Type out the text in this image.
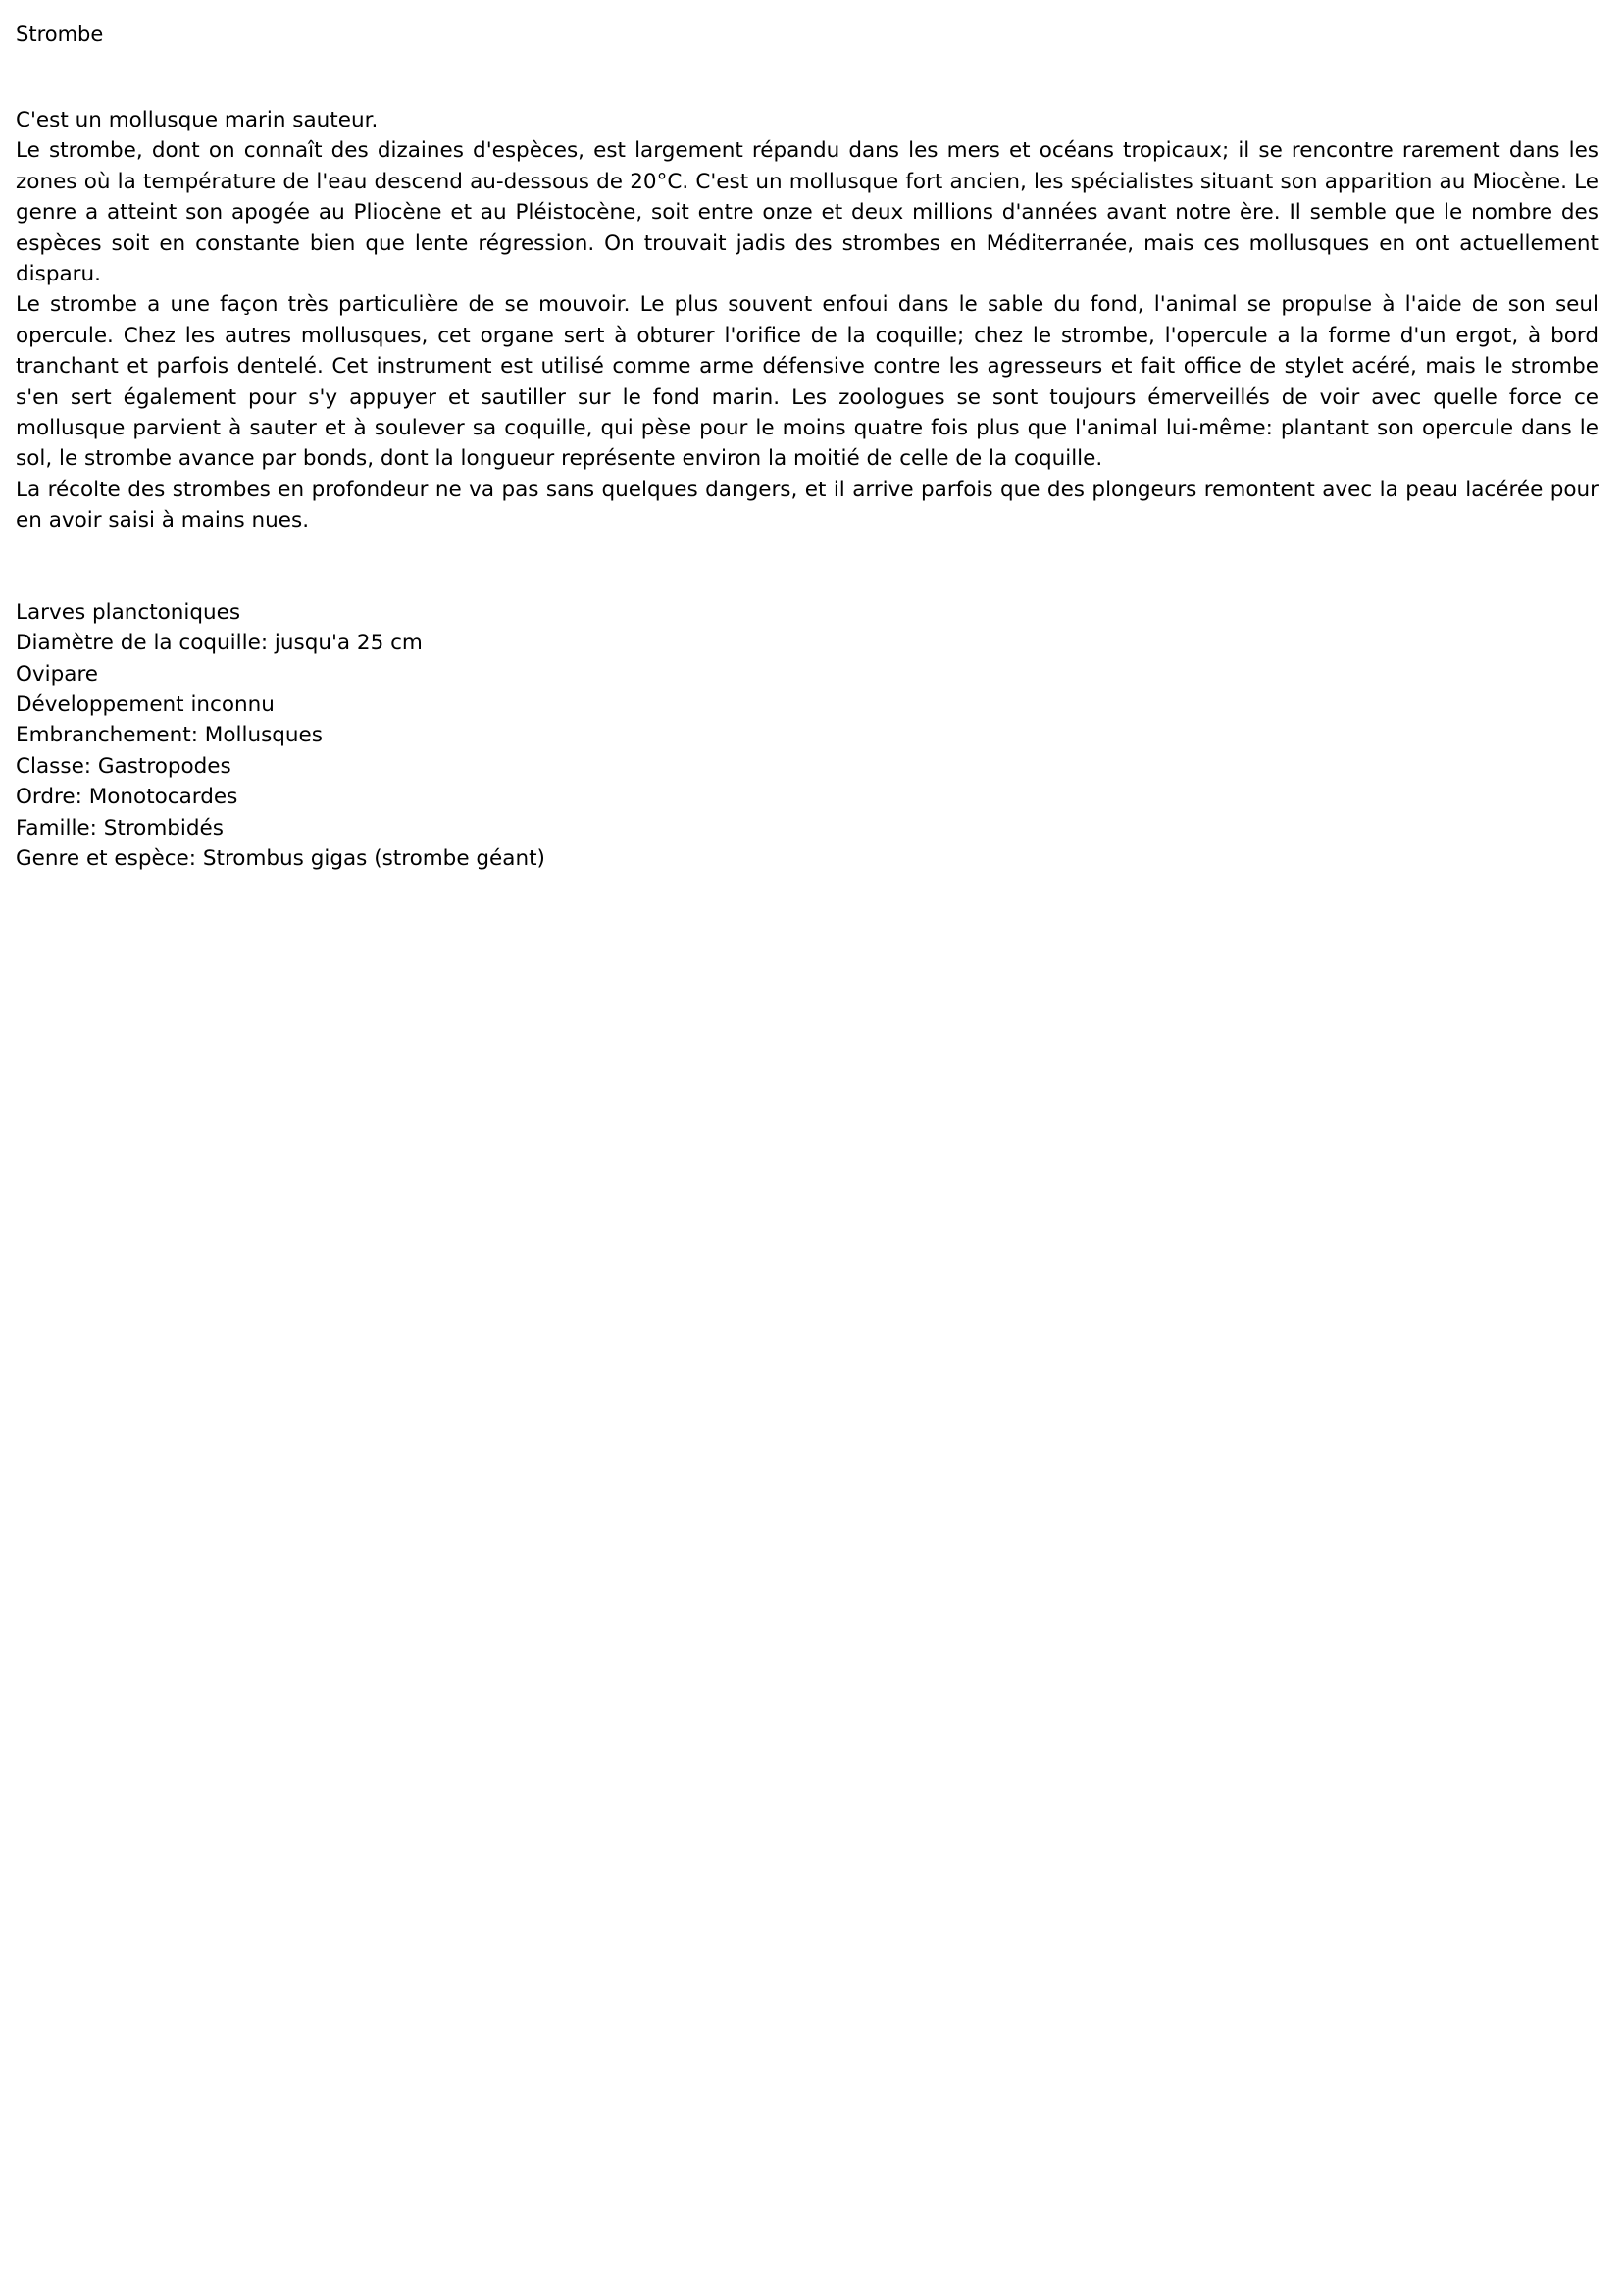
Strombe

C'est un mollusque marin sauteur.

Le strombe, dont on connaît des dizaines d'espèces, est largement répandu dans les mers et océans tropicaux; il se rencontre rarement dans les zones où la température de l'eau descend au-dessous de 20°C. C'est un mollusque fort ancien, les spécialistes situant son apparition au Miocène. Le genre a atteint son apogée au Pliocène et au Pléistocène, soit entre onze et deux millions d'années avant notre ère. Il semble que le nombre des espèces soit en constante bien que lente régression. On trouvait jadis des strombes en Méditerranée, mais ces mollusques en ont actuellement disparu.

Le strombe a une façon très particulière de se mouvoir. Le plus souvent enfoui dans le sable du fond, l'animal se propulse à l'aide de son seul opercule. Chez les autres mollusques, cet organe sert à obturer l'orifice de la coquille; chez le strombe, l'opercule a la forme d'un ergot, à bord tranchant et parfois dentelé. Cet instrument est utilisé comme arme défensive contre les agresseurs et fait office de stylet acéré, mais le strombe s'en sert également pour s'y appuyer et sautiller sur le fond marin. Les zoologues se sont toujours émerveillés de voir avec quelle force ce mollusque parvient à sauter et à soulever sa coquille, qui pèse pour le moins quatre fois plus que l'animal lui-même: plantant son opercule dans le sol, le strombe avance par bonds, dont la longueur représente environ la moitié de celle de la coquille.

La récolte des strombes en profondeur ne va pas sans quelques dangers, et il arrive parfois que des plongeurs remontent avec la peau lacérée pour en avoir saisi à mains nues.

Larves planctoniques
Diamètre de la coquille: jusqu'a 25 cm
Ovipare
Développement inconnu
Embranchement: Mollusques
Classe: Gastropodes
Ordre: Monotocardes
Famille: Strombidés
Genre et espèce: Strombus gigas (strombe géant)
